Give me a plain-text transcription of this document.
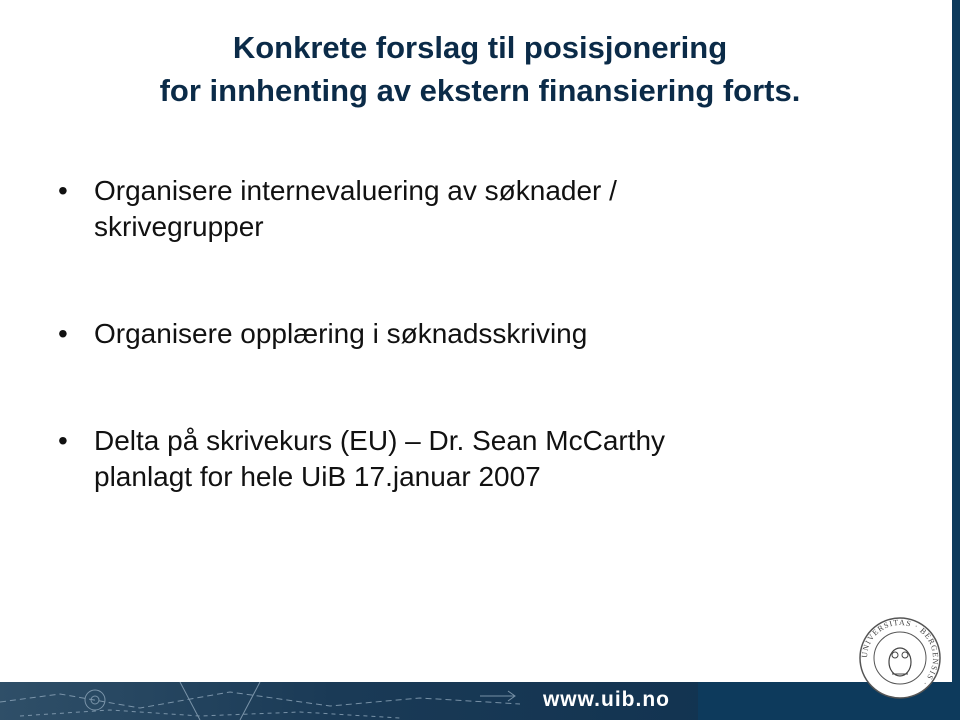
Konkrete forslag til posisjonering
for innhenting av ekstern finansiering forts.
• Organisere internevaluering av søknader /
skrivegrupper
• Organisere opplæring i søknadsskriving
• Delta på skrivekurs (EU) – Dr. Sean McCarthy
planlagt for hele UiB 17.januar 2007
www.uib.no
UNIVERSITAS · BERGENSIS ·
